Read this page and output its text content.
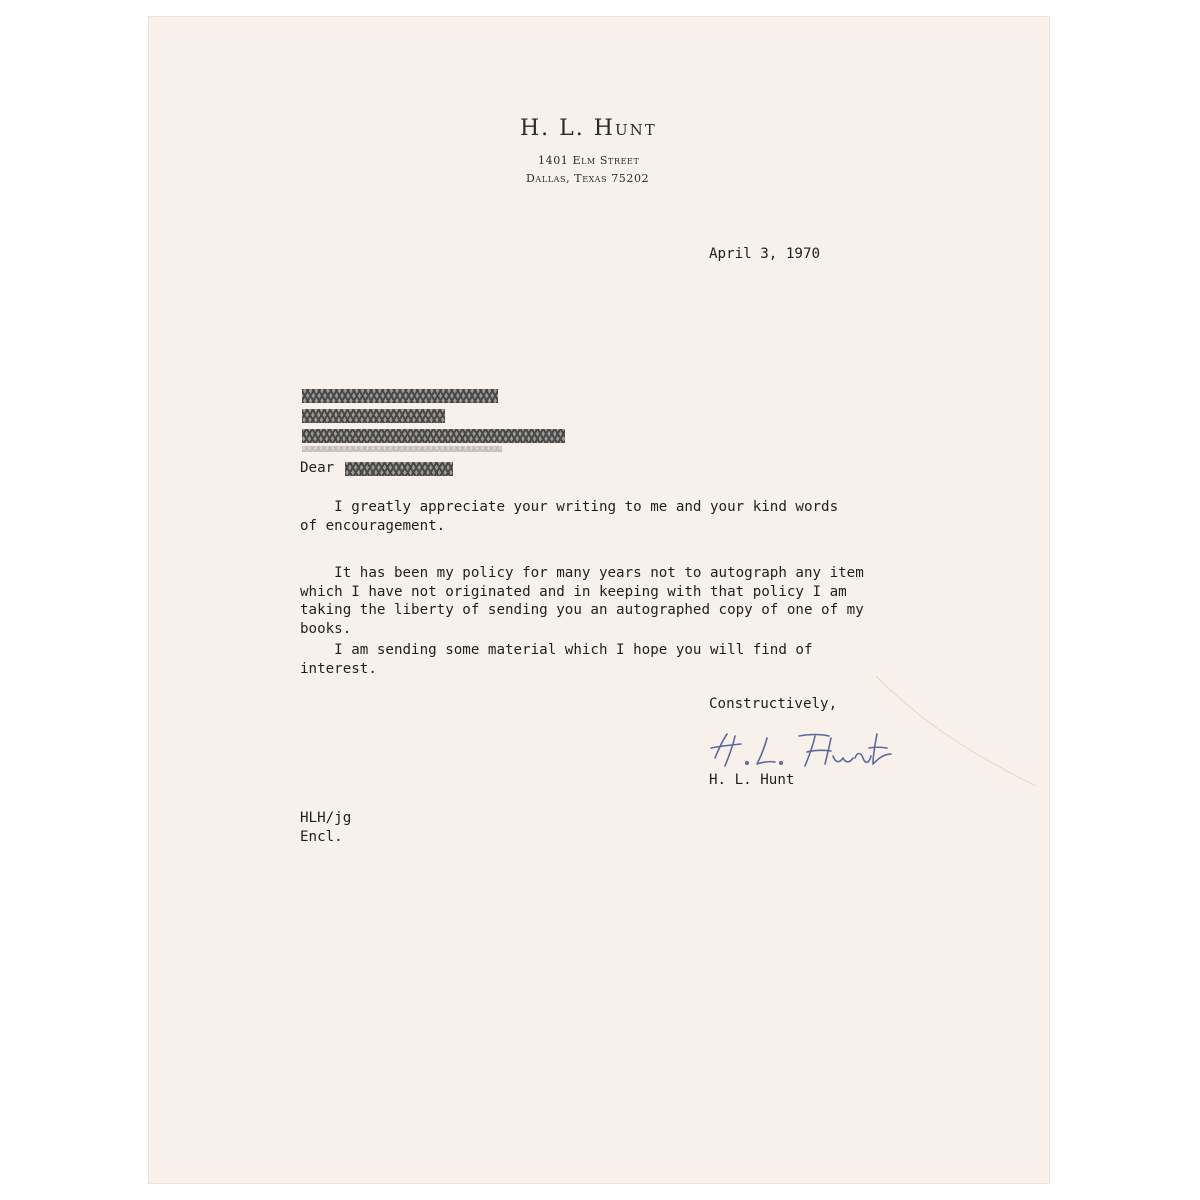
H. L. Hunt
1401 Elm Street
Dallas, Texas 75202
April 3, 1970
Dear
I greatly appreciate your writing to me and your kind words
of encouragement.
It has been my policy for many years not to autograph any item
which I have not originated and in keeping with that policy I am
taking the liberty of sending you an autographed copy of one of my
books.
I am sending some material which I hope you will find of
interest.
Constructively,
H. L. Hunt
HLH/jg
Encl.
